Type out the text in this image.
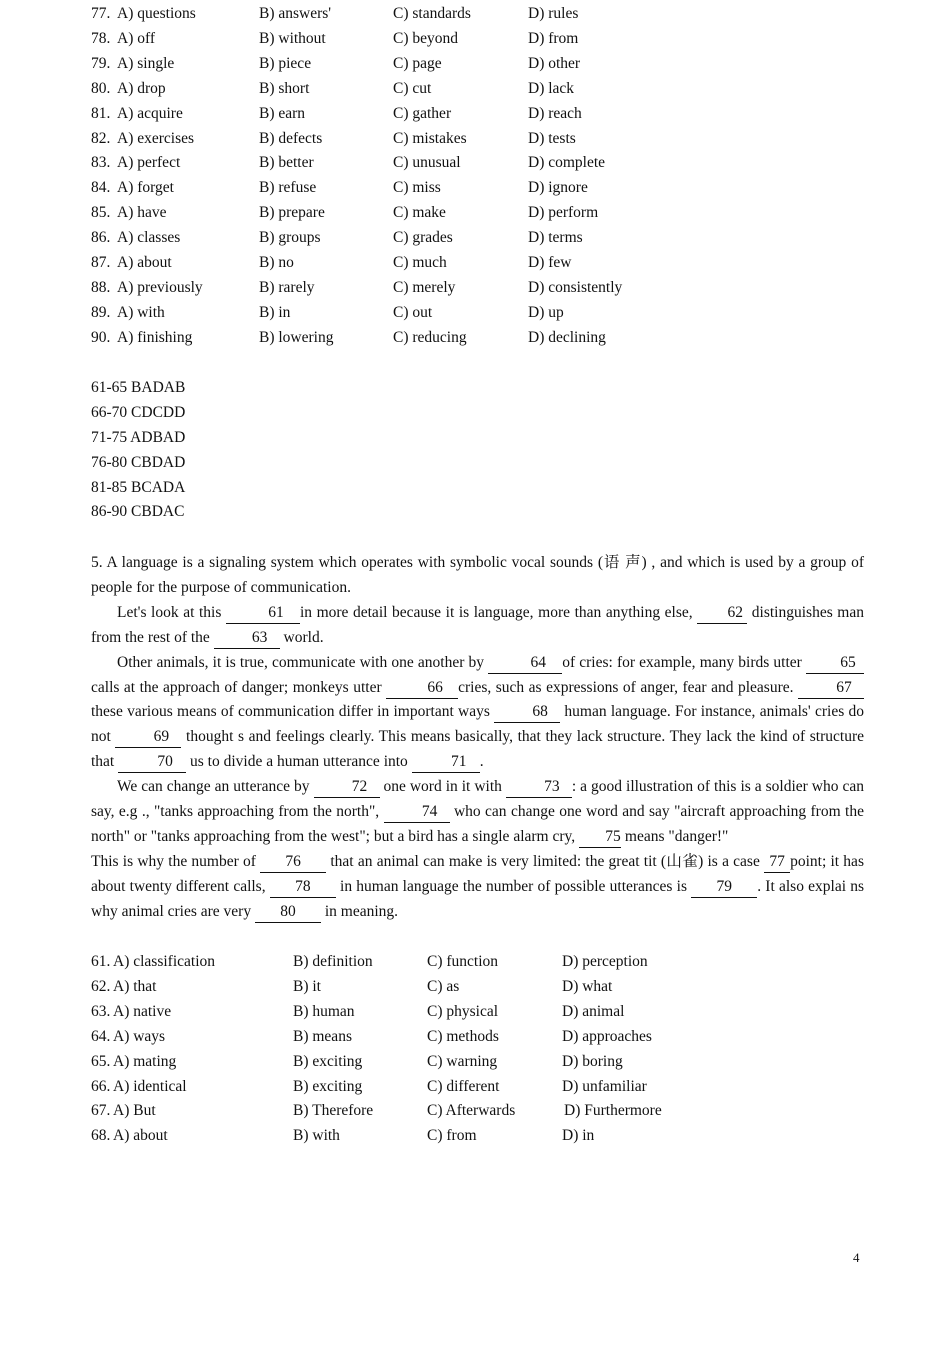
77. A) questions	B) answers'	C) standards	D) rules
78. A) off	B) without	C) beyond	D) from
79. A) single	B) piece	C) page	D) other
80. A) drop	B) short	C) cut	D) lack
81. A) acquire	B) earn	C) gather	D) reach
82. A) exercises	B) defects	C) mistakes	D) tests
83. A) perfect	B) better	C) unusual	D) complete
84. A) forget	B) refuse	C) miss	D) ignore
85. A) have	B) prepare	C) make	D) perform
86. A) classes	B) groups	C) grades	D) terms
87. A) about	B) no	C) much	D) few
88. A) previously	B) rarely	C) merely	D) consistently
89. A) with	B) in	C) out	D) up
90. A) finishing	B) lowering	C) reducing	D) declining
61-65 BADAB
66-70 CDCDD
71-75 ADBAD
76-80 CBDAD
81-85 BCADA
86-90 CBDAC

5. A language is a signaling system which operates with symbolic vocal sounds (语 声) , and which is used by a group of people for the purpose of communication.

Let's look at this	61 in more detail because it is language, more than anything else, 62 distinguishes man from the rest of the 63 world.

Other animals, it is true, communicate with one another by	64 of cries: for example, many birds utter 65calls at the approach of danger; monkeys utter	66 cries, such as expressions of anger, fear and pleasure. 67 these various means of communication differ in important ways 68 human language. For instance, animals' cries do not 69 thought s and feelings clearly. This means basically, that they lack structure. They lack the kind of structure that	70 us to divide a human utterance into	71 .

We can change an utterance by 72 one word in it with 73 : a good illustration of this is a soldier who can say, e.g ., "tanks approaching from the north", 74 who can change one word and say "aircraft approaching from the north" or "tanks approaching from the west"; but a bird has a single alarm cry, 75 means "danger!"

This is why the number of 76 that an animal can make is very limited: the great tit (山雀) is a case 77 point; it has about twenty different calls, 78 in human language the number of possible utterances is 79 . It also explai ns why animal cries are very 80 in meaning.

61. A) classification	B) definition	C) function	D) perception
62. A) that	B) it	C) as	D) what
63. A) native	B) human	C) physical	D) animal
64. A) ways	B) means	C) methods	D) approaches
65. A) mating	B) exciting	C) warning	D) boring
66. A) identical	B) exciting	C) different	D) unfamiliar
67. A) But	B) Therefore	C) Afterwards	D) Furthermore
68. A) about	B) with	C) from	D) in
4
